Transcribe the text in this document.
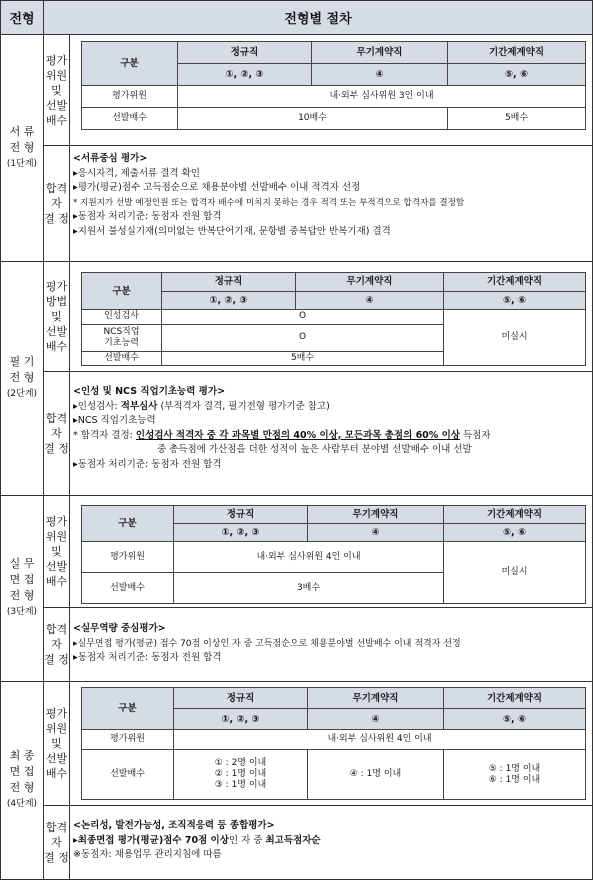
전형	전형별 절차
서 류
전 형
(1단계)
평가
위원
및
선발
배수
합격자
결 정
구분	정규직	무기계약직	기간제계약직
	①, ②, ③	④	⑤, ⑥
평가위원	내·외부 심사위원 3인 이내		
선발배수	10배수		5배수
<서류중심 평가>
▸응시자격, 제출서류 결격 확인
▸평가(평균)점수 고득점순으로 채용분야별 선발배수 이내 적격자 선정
* 지원지가 선발 예정인원 또는 합격자 배수에 미치지 못하는 경우 적격 또는 부적격으로 합격자를 결정함
▸동점자 처리기준: 동점자 전원 합격
▸지원서 불성실기재(의미없는 반복단어기재, 문항별 중복답안 반복기재) 결격
필 기
전 형
(2단계)
평가
방법
및
선발
배수
합격자
결 정
구분	정규직	무기계약직	기간제계약직
	①, ②, ③	④	⑤, ⑥
인성검사	O		미실시
NCS직업
기초능력	O		
선발배수	5배수		
<인성 및 NCS 직업기초능력 평가>
▸인성검사: 적부심사 (부적격자 결격, 필기전형 평가기준 참고)
▸NCS 직업기초능력
* 합격자 결정: 인성검사 적격자 중 각 과목별 만점의 40% 이상, 모든과목 총점의 60% 이상 득점자
중 총득점에 가산점을 더한 성적이 높은 사람부터 분야별 선발배수 이내 선발
▸동점자 처리기준: 동점자 전원 합격
실 무
면 접
전 형
(3단계)
평가
위원
및
선발
배수
합격자
결 정
구분	정규직	무기계약직	기간제계약직
	①, ②, ③	④	⑤, ⑥
평가위원	내·외부 심사위원 4인 이내		미실시
선발배수	3배수		
<실무역량 중심평가>
▸실무면접 평가(평균) 점수 70점 이상인 자 중 고득점순으로 채용분야별 선발배수 이내 적격자 선정
▸동점자 처리기준: 동점자 전원 합격
최 종
면 접
전 형
(4단계)
평가
위원
및
선발
배수
합격자
결 정
구분	정규직	무기계약직	기간제계약직
	①, ②, ③	④	⑤, ⑥
평가위원	내·외부 심사위원 4인 이내		
선발배수	① : 2명 이내
② : 1명 이내
③ : 1명 이내	④ : 1명 이내	⑤ : 1명 이내
⑥ : 1명 이내
<논리성, 발전가능성, 조직적응력 등 종합평가>
▸최종면접 평가(평균)점수 70점 이상인 자 중 최고득점자순
※동점자: 채용업무 관리지침에 따름
